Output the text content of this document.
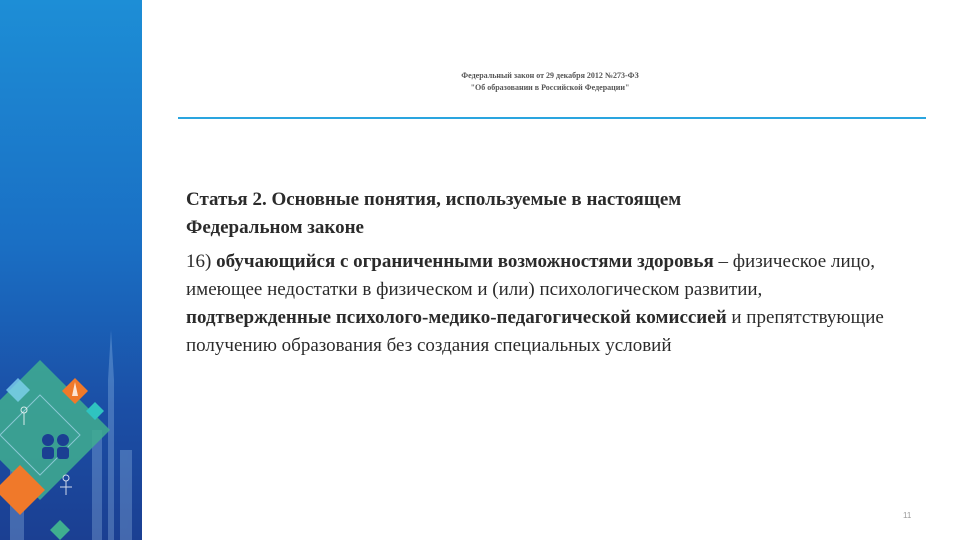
Федеральный закон от 29 декабря 2012 №273-ФЗ
"Об образовании в Российской Федерации"

Статья 2. Основные понятия, используемые в настоящем
Федеральном законе

16) обучающийся с ограниченными возможностями здоровья – физическое лицо, имеющее недостатки в физическом и (или) психологическом развитии, подтвержденные психолого-медико-педагогической комиссией и препятствующие получению образования без создания специальных условий

11
